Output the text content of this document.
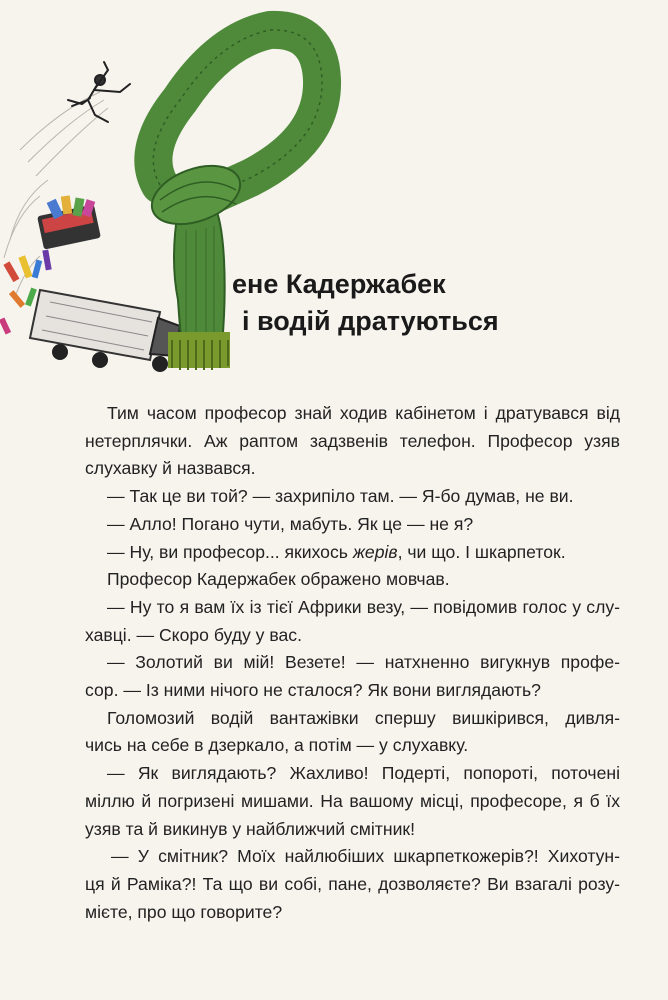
ене Кадержабек
і водій дратуються

Тим часом професор знай ходив кабінетом і дратувався від
нетерплячки. Аж раптом задзвенів телефон. Професор узяв
слухавку й назвався.

— Так це ви той? — захрипіло там. — Я-бо думав, не ви.

— Алло! Погано чути, мабуть. Як це — не я?

— Ну, ви професор... якихось жерів, чи що. І шкарпеток.

Професор Кадержабек ображено мовчав.

— Ну то я вам їх із тієї Африки везу, — повідомив голос у слу-
хавці. — Скоро буду у вас.

— Золотий ви мій! Везете! — натхненно вигукнув профе-
сор. — Із ними нічого не сталося? Як вони виглядають?

Голомозий водій вантажівки спершу вишкірився, дивля-
чись на себе в дзеркало, а потім — у слухавку.

— Як виглядають? Жахливо! Подерті, попороті, поточені
міллю й погризені мишами. На вашому місці, професоре, я б їх
узяв та й викинув у найближчий смітник!

— У смітник? Моїх найлюбіших шкарпеткожерів?! Хихотун-
ця й Раміка?! Та що ви собі, пане, дозволяєте? Ви взагалі розу-
мієте, про що говорите?
